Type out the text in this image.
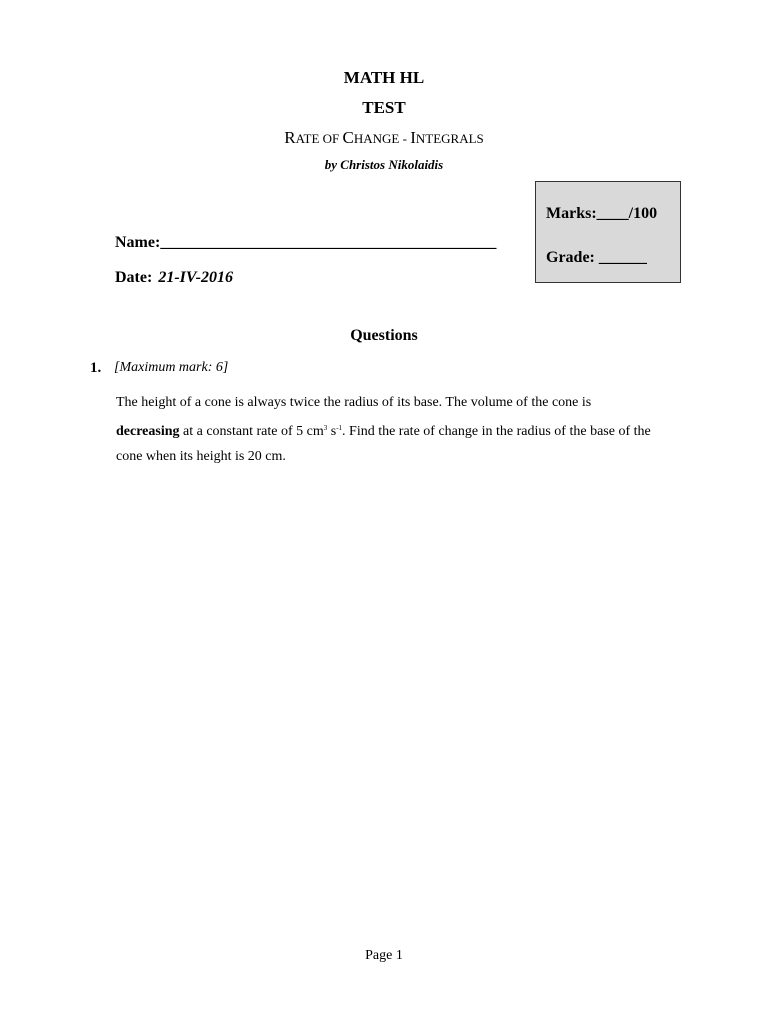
MATH HL
TEST
RATE OF CHANGE - INTEGRALS
by Christos Nikolaidis
Marks:____/100
Grade: ______
Name:__________________________________________
Date: 21-IV-2016
Questions
1. [Maximum mark: 6]
The height of a cone is always twice the radius of its base. The volume of the cone is decreasing at a constant rate of 5 $cm^3$ $s^{-1}$. Find the rate of change in the radius of the base of the cone when its height is 20 cm.
Page 1
